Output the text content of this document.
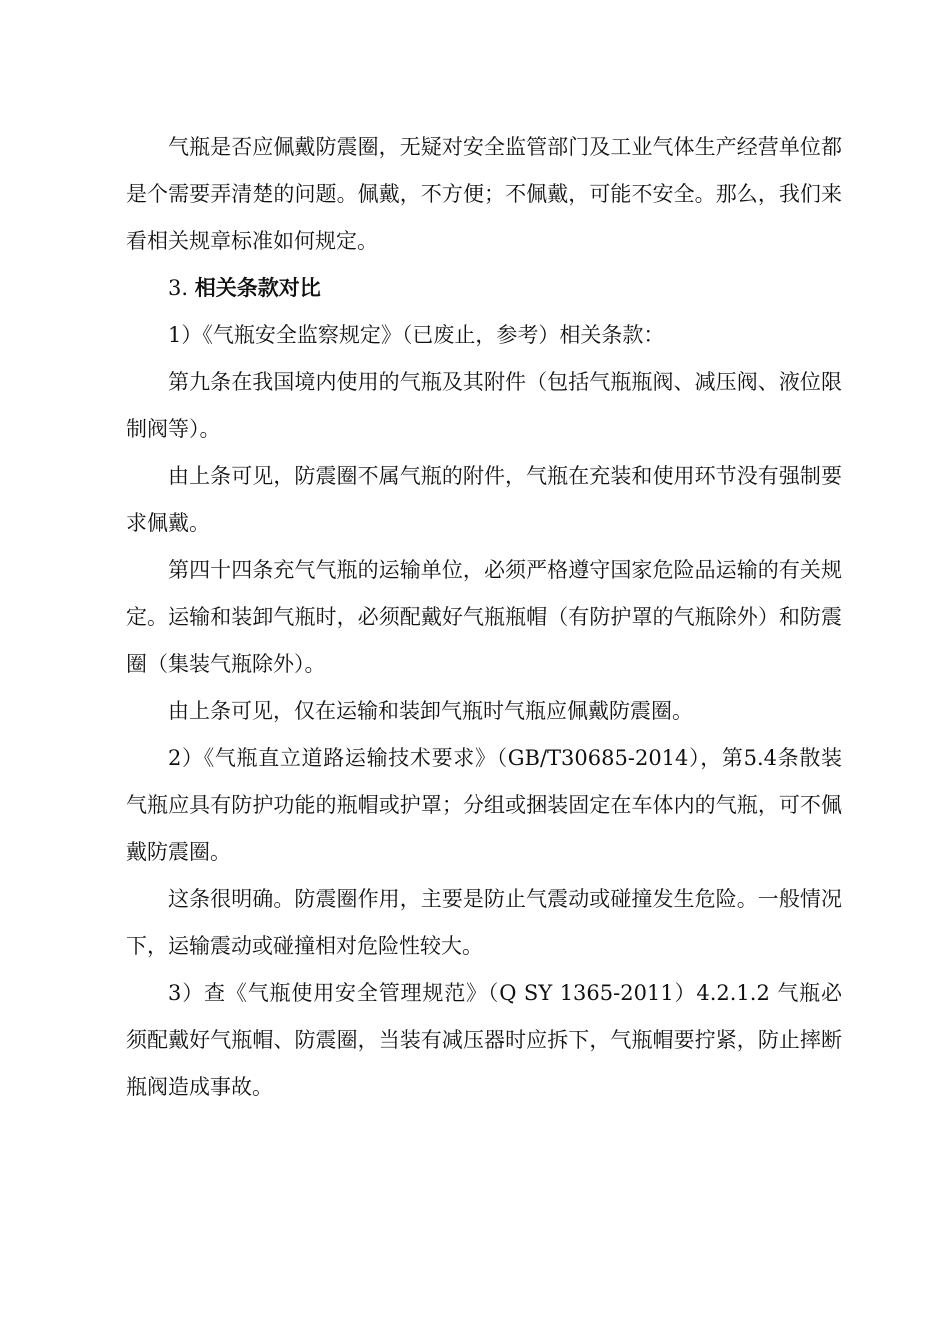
气瓶是否应佩戴防震圈，无疑对安全监管部门及工业气体生产经营单位都是个需要弄清楚的问题。佩戴，不方便；不佩戴，可能不安全。那么，我们来看相关规章标准如何规定。

3. 相关条款对比

1）《气瓶安全监察规定》（已废止，参考）相关条款：

第九条在我国境内使用的气瓶及其附件（包括气瓶瓶阀、减压阀、液位限制阀等）。

由上条可见，防震圈不属气瓶的附件，气瓶在充装和使用环节没有强制要求佩戴。

第四十四条充气气瓶的运输单位，必须严格遵守国家危险品运输的有关规定。运输和装卸气瓶时，必须配戴好气瓶瓶帽（有防护罩的气瓶除外）和防震圈（集装气瓶除外）。

由上条可见，仅在运输和装卸气瓶时气瓶应佩戴防震圈。

2）《气瓶直立道路运输技术要求》（GB/T30685-2014），第5.4条散装气瓶应具有防护功能的瓶帽或护罩；分组或捆装固定在车体内的气瓶，可不佩戴防震圈。

这条很明确。防震圈作用，主要是防止气震动或碰撞发生危险。一般情况下，运输震动或碰撞相对危险性较大。

3）查《气瓶使用安全管理规范》（Q SY 1365-2011）4.2.1.2 气瓶必须配戴好气瓶帽、防震圈，当装有减压器时应拆下，气瓶帽要拧紧，防止摔断瓶阀造成事故。
